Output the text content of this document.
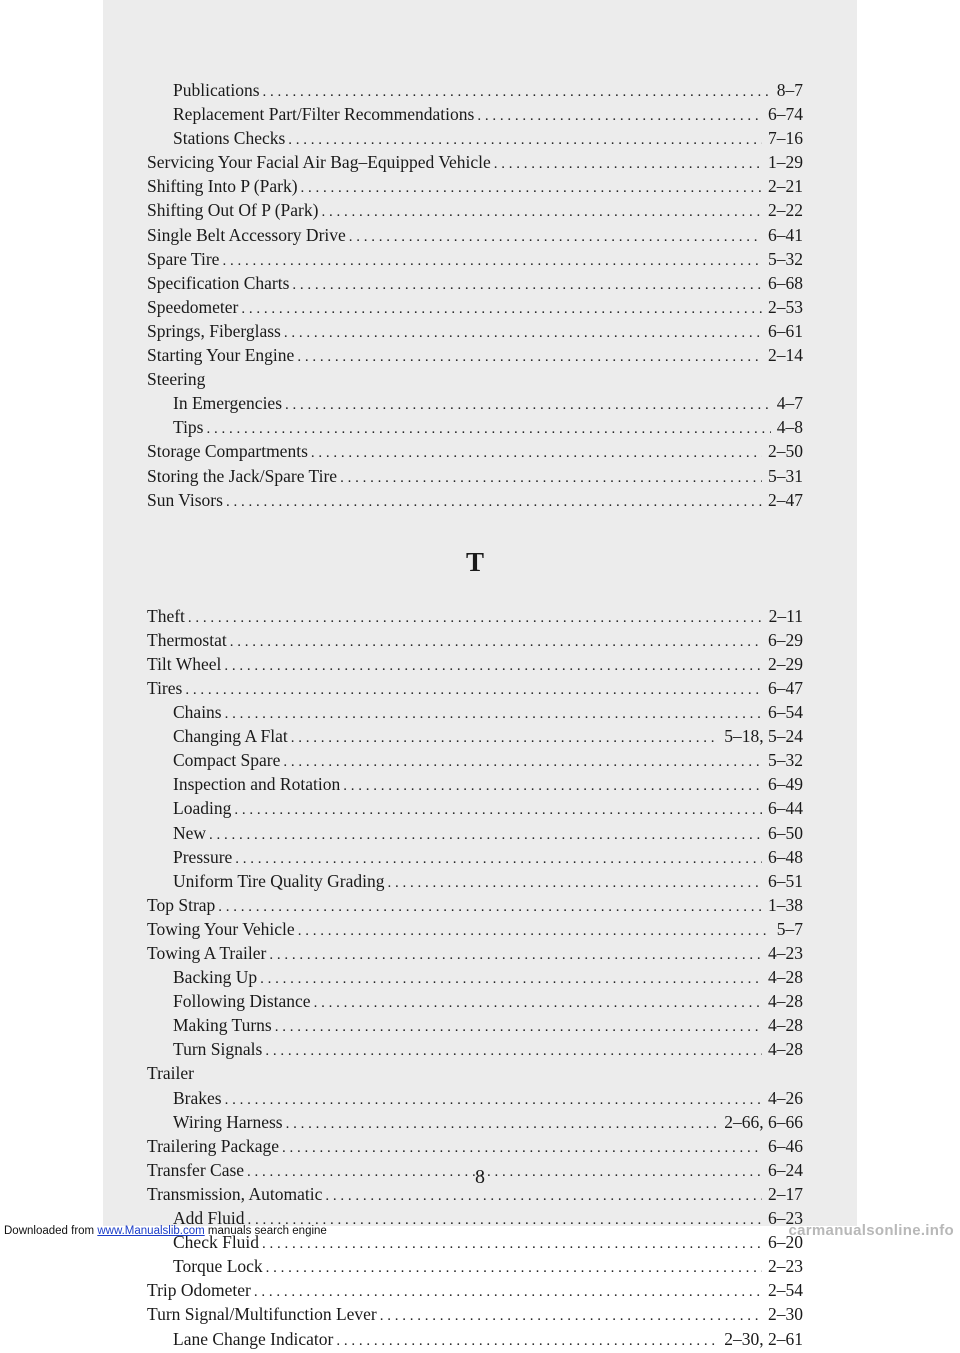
Publications . . .	8–7
Replacement Part/Filter Recommendations . . .	6–74
Stations Checks . . .	7–16
Servicing Your Facial Air Bag–Equipped Vehicle . . .	1–29
Shifting Into P (Park) . . .	2–21
Shifting Out Of P (Park) . . .	2–22
Single Belt Accessory Drive . . .	6–41
Spare Tire . . .	5–32
Specification Charts . . .	6–68
Speedometer . . .	2–53
Springs, Fiberglass . . .	6–61
Starting Your Engine . . .	2–14
Steering
In Emergencies . . .	4–7
Tips . . .	4–8
Storage Compartments . . .	2–50
Storing the Jack/Spare Tire . . .	5–31
Sun Visors . . .	2–47
T
Theft . . .	2–11
Thermostat . . .	6–29
Tilt Wheel . . .	2–29
Tires . . .	6–47
Chains . . .	6–54
Changing A Flat . . .	5–18, 5–24
Compact Spare . . .	5–32
Inspection and Rotation . . .	6–49
Loading . . .	6–44
New . . .	6–50
Pressure . . .	6–48
Uniform Tire Quality Grading . . .	6–51
Top Strap . . .	1–38
Towing Your Vehicle . . .	5–7
Towing A Trailer . . .	4–23
Backing Up . . .	4–28
Following Distance . . .	4–28
Making Turns . . .	4–28
Turn Signals . . .	4–28
Trailer
Brakes . . .	4–26
Wiring Harness . . .	2–66, 6–66
Trailering Package . . .	6–46
Transfer Case . . .	6–24
Transmission, Automatic . . .	2–17
Add Fluid . . .	6–23
Check Fluid . . .	6–20
Torque Lock . . .	2–23
Trip Odometer . . .	2–54
Turn Signal/Multifunction Lever . . .	2–30
Lane Change Indicator . . .	2–30, 2–61
8
Downloaded from www.Manualslib.com manuals search engine	carmanualsonline.info
